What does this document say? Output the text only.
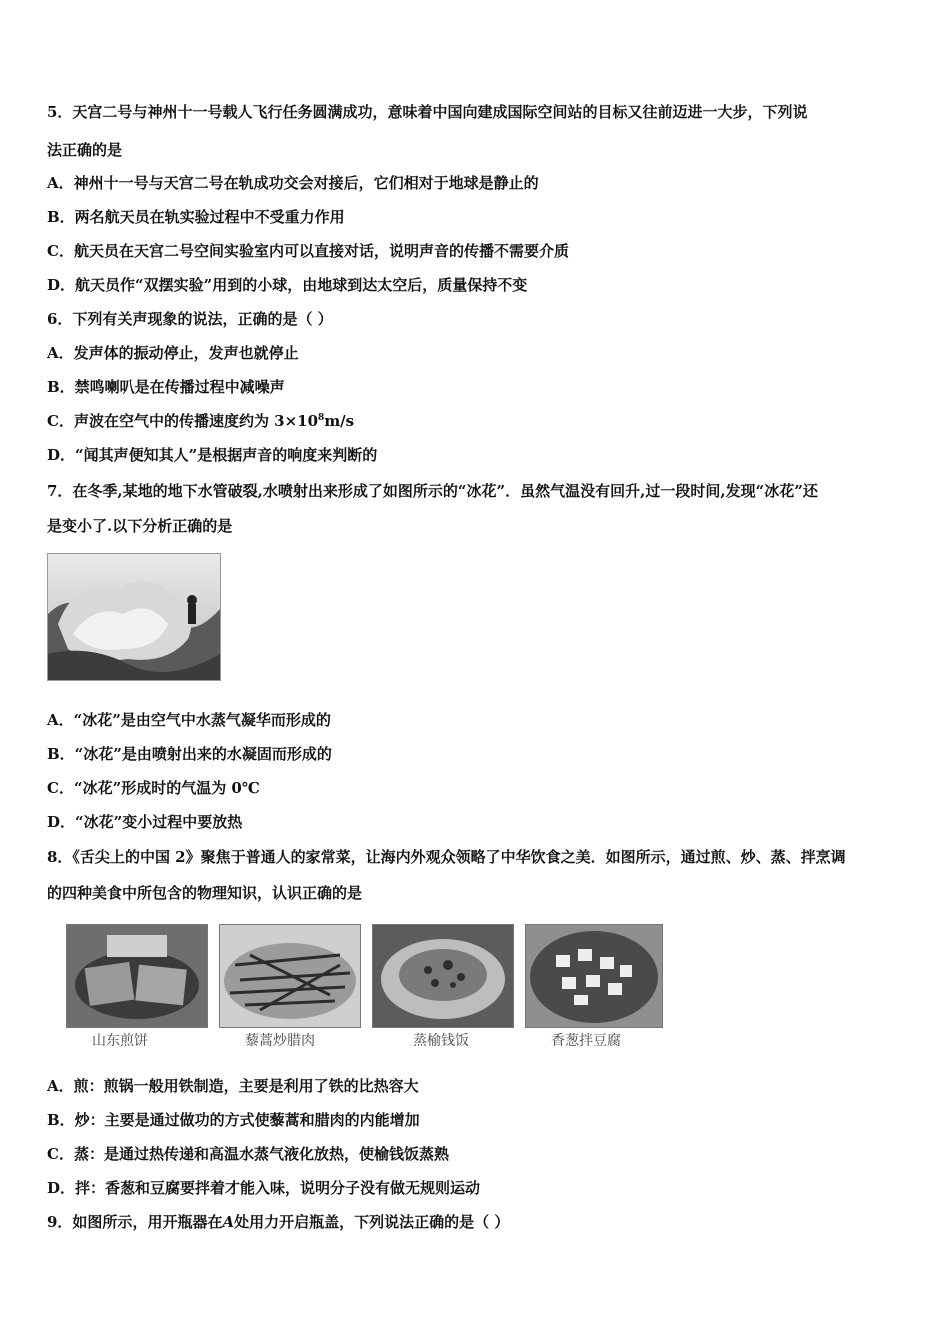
5．天宫二号与神州十一号载人飞行任务圆满成功，意味着中国向建成国际空间站的目标又往前迈进一大步，下列说
法正确的是
A．神州十一号与天宫二号在轨成功交会对接后，它们相对于地球是静止的
B．两名航天员在轨实验过程中不受重力作用
C．航天员在天宫二号空间实验室内可以直接对话，说明声音的传播不需要介质
D．航天员作“双摆实验”用到的小球，由地球到达太空后，质量保持不变
6．下列有关声现象的说法，正确的是（ ）
A．发声体的振动停止，发声也就停止
B．禁鸣喇叭是在传播过程中减噪声
C．声波在空气中的传播速度约为 $3\times 10^8m/s$
D．“闻其声便知其人”是根据声音的响度来判断的
7．在冬季,某地的地下水管破裂,水喷射出来形成了如图所示的“冰花”．虽然气温没有回升,过一段时间,发现“冰花”还
是变小了.以下分析正确的是
A．“冰花”是由空气中水蒸气凝华而形成的
B．“冰花”是由喷射出来的水凝固而形成的
C．“冰花”形成时的气温为 0℃
D．“冰花”变小过程中要放热
8．《舌尖上的中国 2》聚焦于普通人的家常菜，让海内外观众领略了中华饮食之美．如图所示，通过煎、炒、蒸、拌烹调
的四种美食中所包含的物理知识，认识正确的是
山东煎饼	藜蒿炒腊肉	蒸榆钱饭	香葱拌豆腐
A．煎：煎锅一般用铁制造，主要是利用了铁的比热容大
B．炒：主要是通过做功的方式使藜蒿和腊肉的内能增加
C．蒸：是通过热传递和高温水蒸气液化放热，使榆钱饭蒸熟
D．拌：香葱和豆腐要拌着才能入味，说明分子没有做无规则运动
9．如图所示，用开瓶器在A处用力开启瓶盖，下列说法正确的是（ ）
